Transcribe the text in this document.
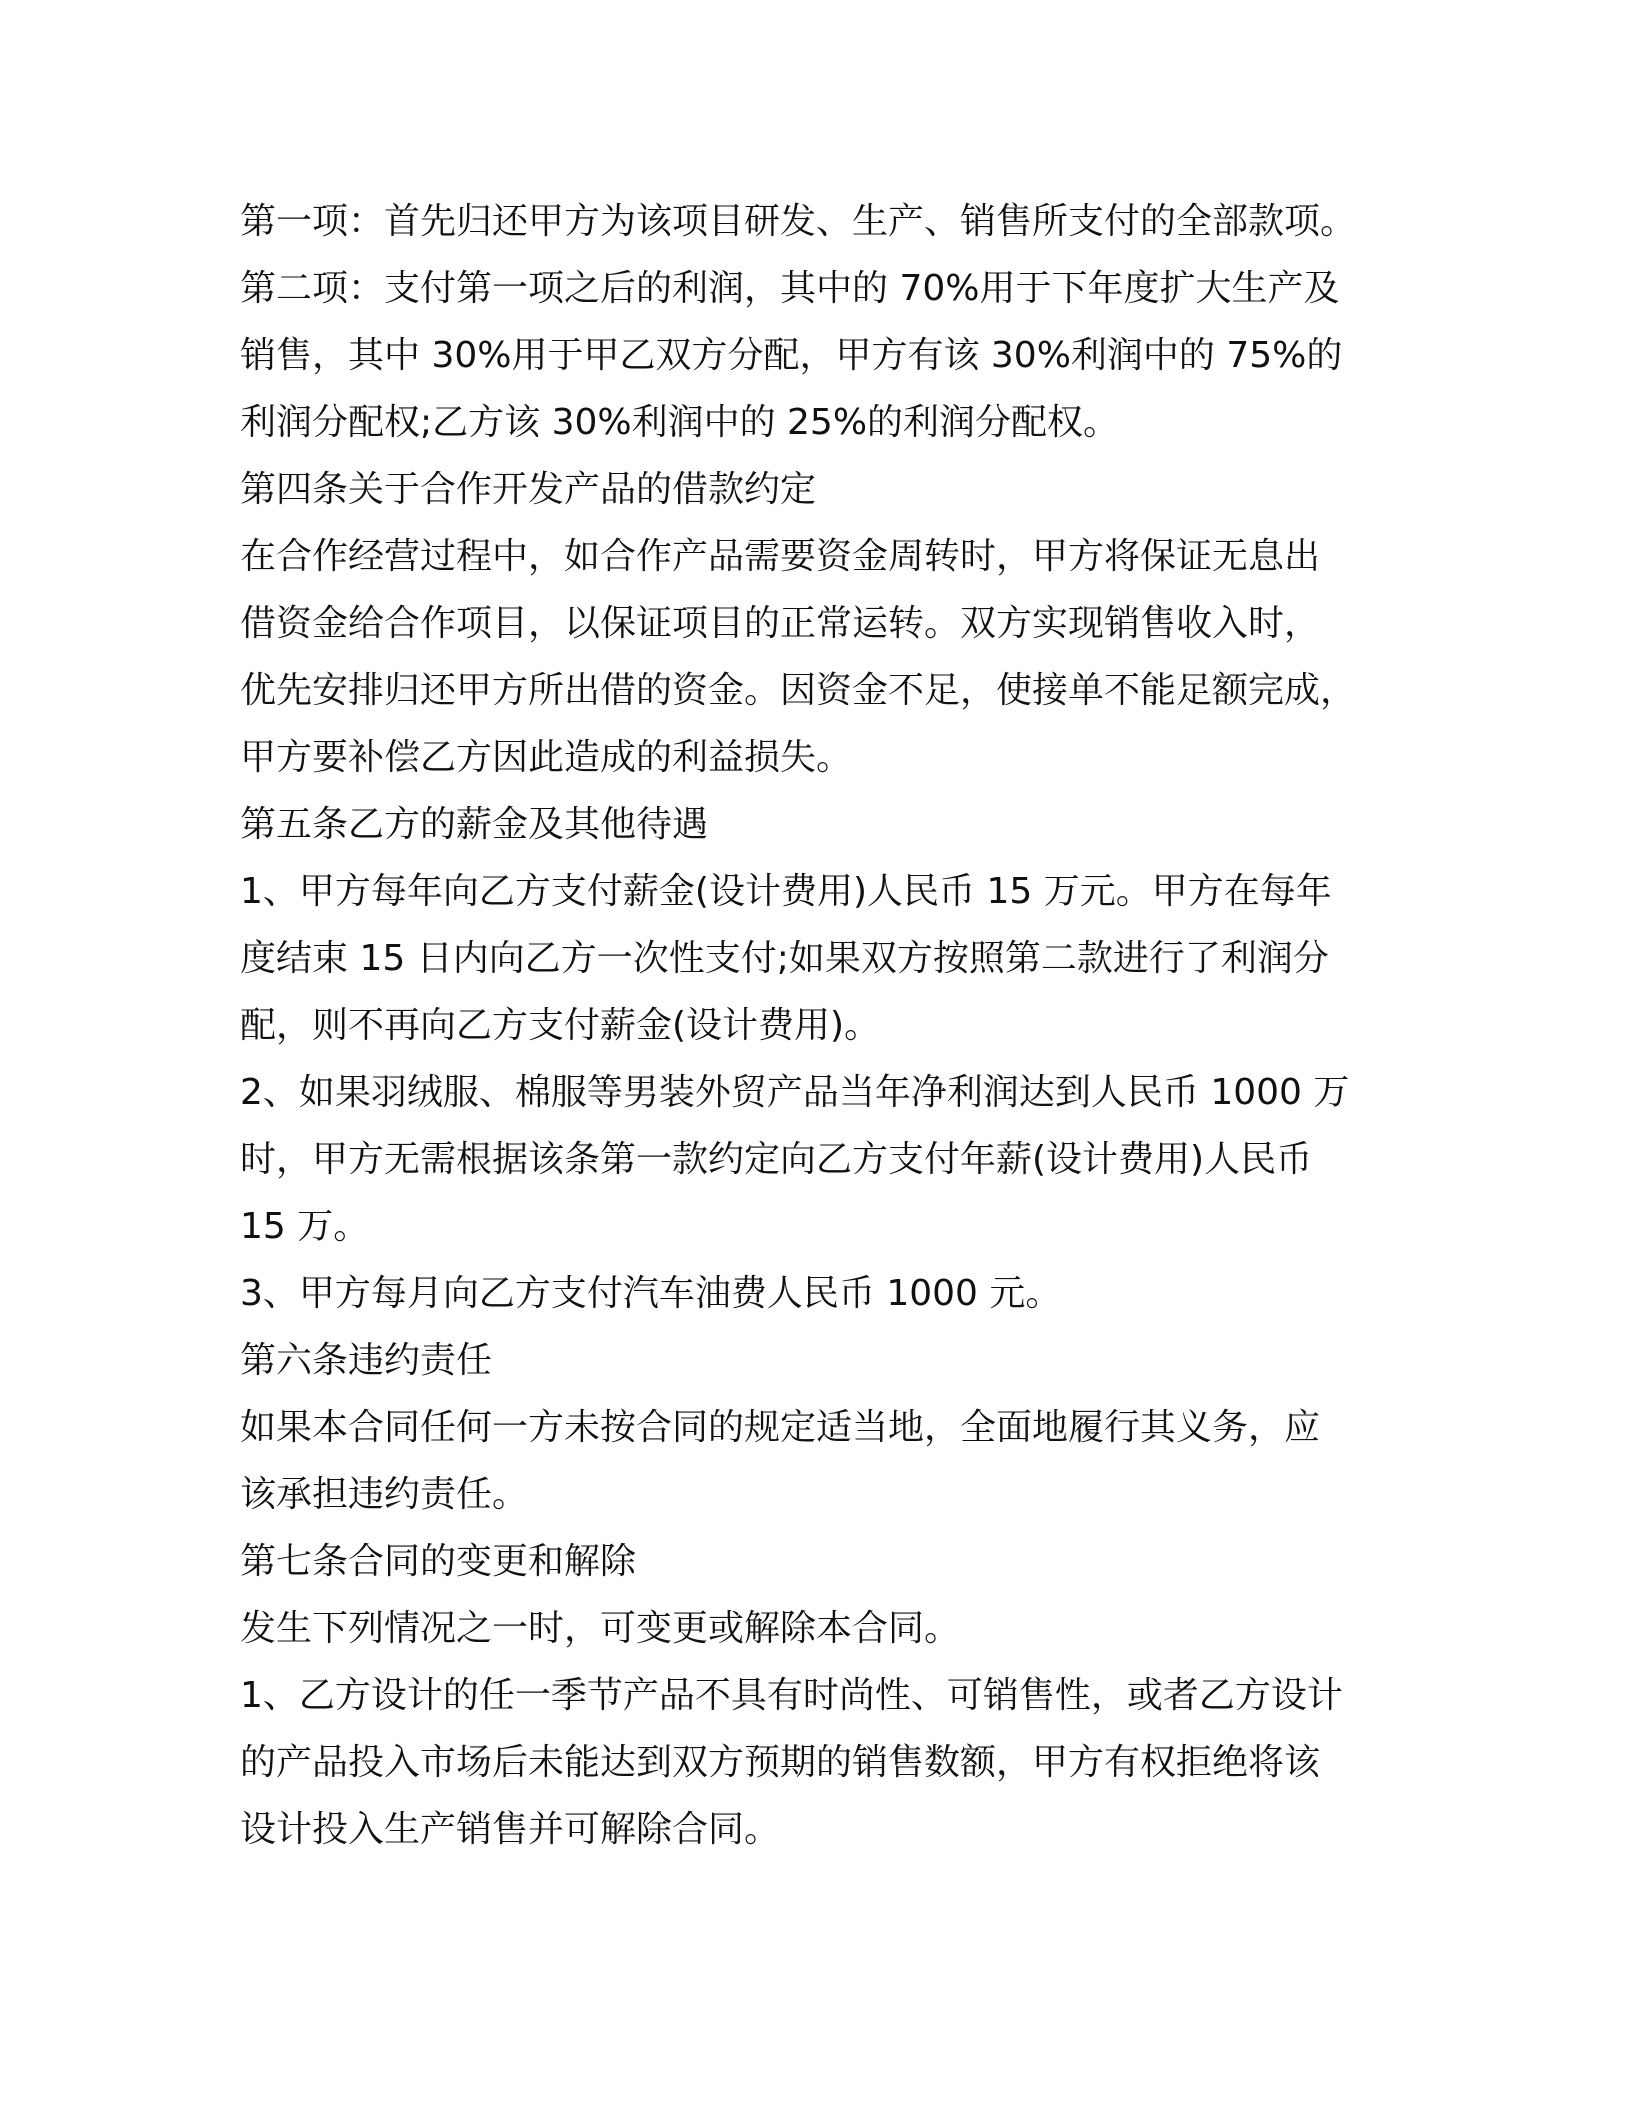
第一项：首先归还甲方为该项目研发、生产、销售所支付的全部款项。
第二项：支付第一项之后的利润，其中的 70%用于下年度扩大生产及
销售，其中 30%用于甲乙双方分配，甲方有该 30%利润中的 75%的
利润分配权;乙方该 30%利润中的 25%的利润分配权。
第四条关于合作开发产品的借款约定
在合作经营过程中，如合作产品需要资金周转时，甲方将保证无息出
借资金给合作项目，以保证项目的正常运转。双方实现销售收入时，
优先安排归还甲方所出借的资金。因资金不足，使接单不能足额完成，
甲方要补偿乙方因此造成的利益损失。
第五条乙方的薪金及其他待遇
1、甲方每年向乙方支付薪金(设计费用)人民币 15 万元。甲方在每年
度结束 15 日内向乙方一次性支付;如果双方按照第二款进行了利润分
配，则不再向乙方支付薪金(设计费用)。
2、如果羽绒服、棉服等男装外贸产品当年净利润达到人民币 1000 万
时，甲方无需根据该条第一款约定向乙方支付年薪(设计费用)人民币
15 万。
3、甲方每月向乙方支付汽车油费人民币 1000 元。
第六条违约责任
如果本合同任何一方未按合同的规定适当地，全面地履行其义务，应
该承担违约责任。
第七条合同的变更和解除
发生下列情况之一时，可变更或解除本合同。
1、乙方设计的任一季节产品不具有时尚性、可销售性，或者乙方设计
的产品投入市场后未能达到双方预期的销售数额，甲方有权拒绝将该
设计投入生产销售并可解除合同。
